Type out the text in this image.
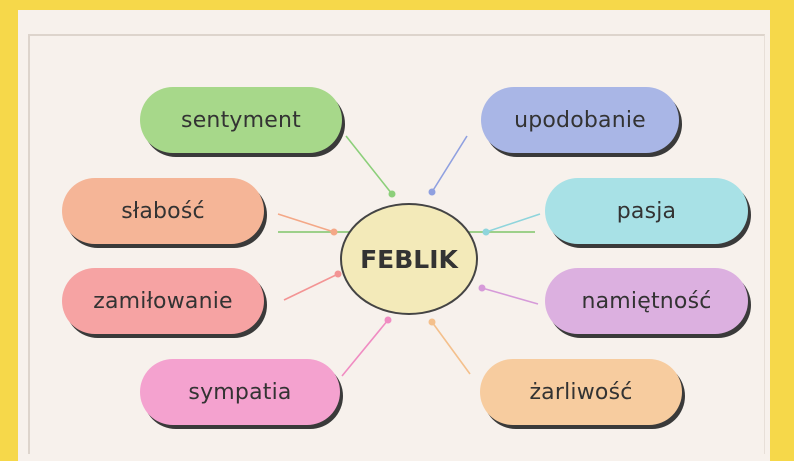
sentyment
słabość
zamiłowanie
sympatia
upodobanie
pasja
namiętność
żarliwość
FEBLIK
